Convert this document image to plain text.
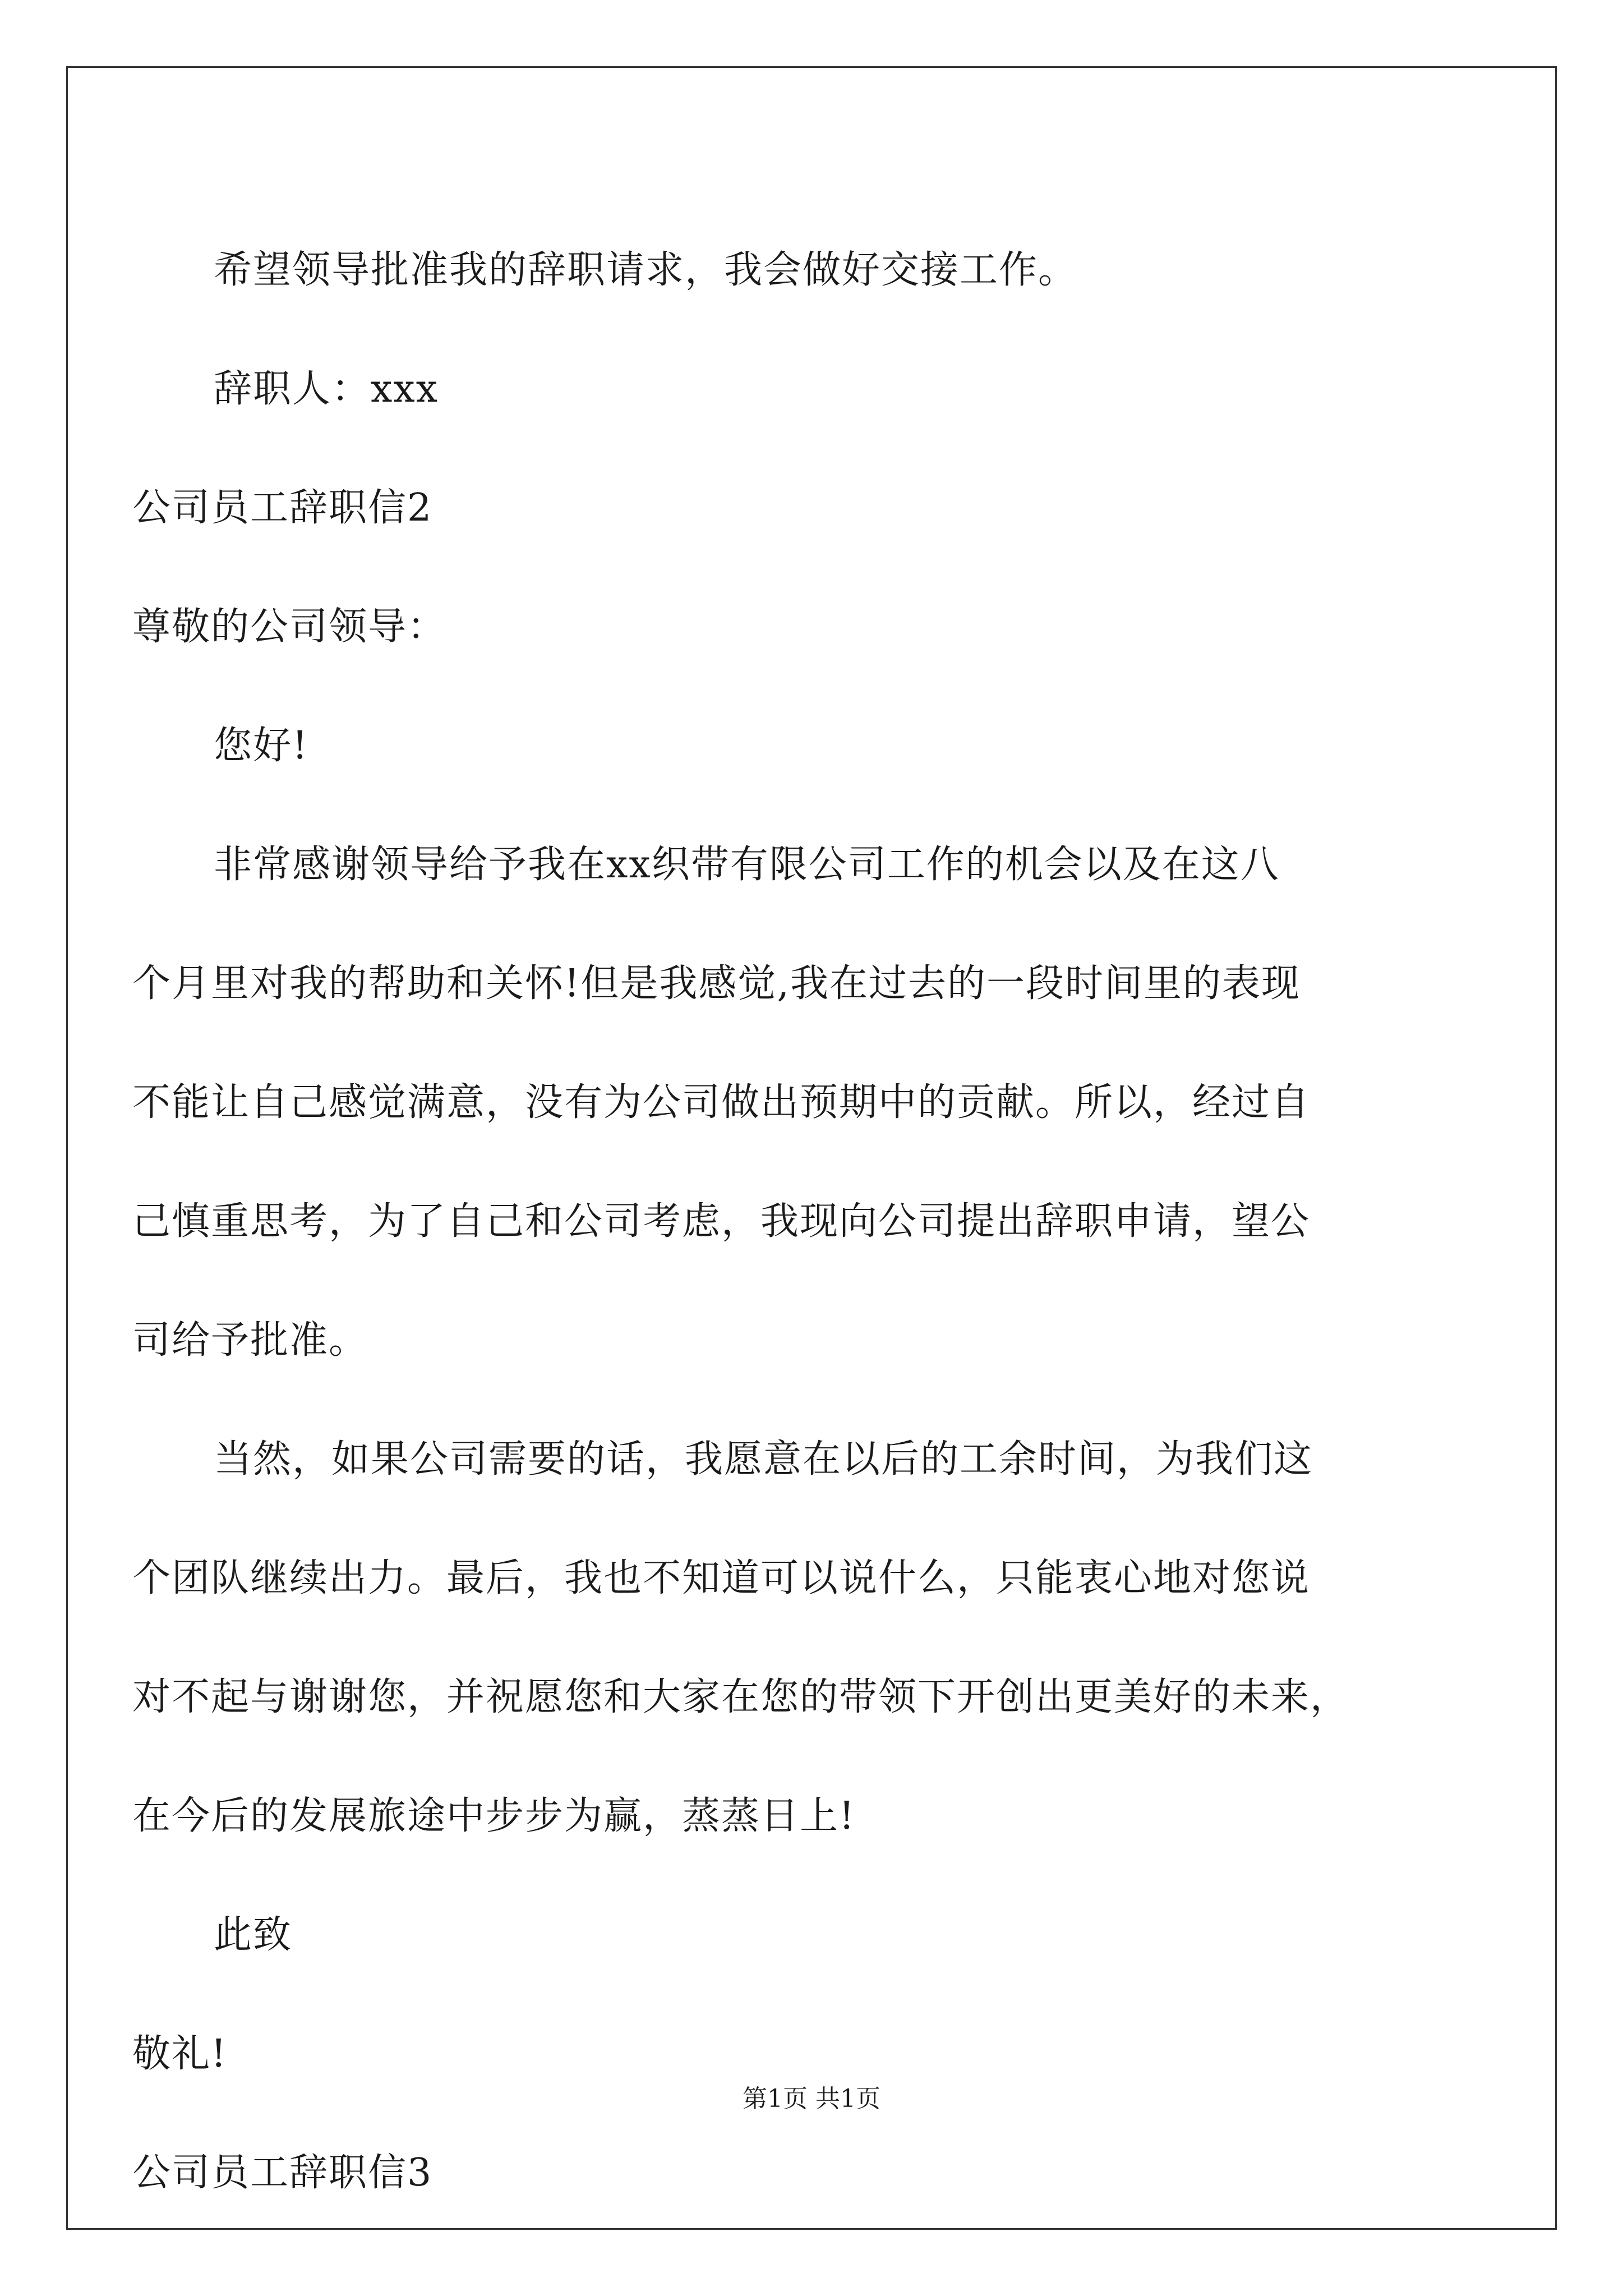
希望领导批准我的辞职请求，我会做好交接工作。
辞职人：xxx
公司员工辞职信2
尊敬的公司领导：
您好!
非常感谢领导给予我在xx织带有限公司工作的机会以及在这八
个月里对我的帮助和关怀!但是我感觉,我在过去的一段时间里的表现
不能让自己感觉满意，没有为公司做出预期中的贡献。所以，经过自
己慎重思考，为了自己和公司考虑，我现向公司提出辞职申请，望公
司给予批准。
当然，如果公司需要的话，我愿意在以后的工余时间，为我们这
个团队继续出力。最后，我也不知道可以说什么，只能衷心地对您说
对不起与谢谢您，并祝愿您和大家在您的带领下开创出更美好的未来，
在今后的发展旅途中步步为赢，蒸蒸日上!
此致
敬礼!
公司员工辞职信3
第1页 共1页
